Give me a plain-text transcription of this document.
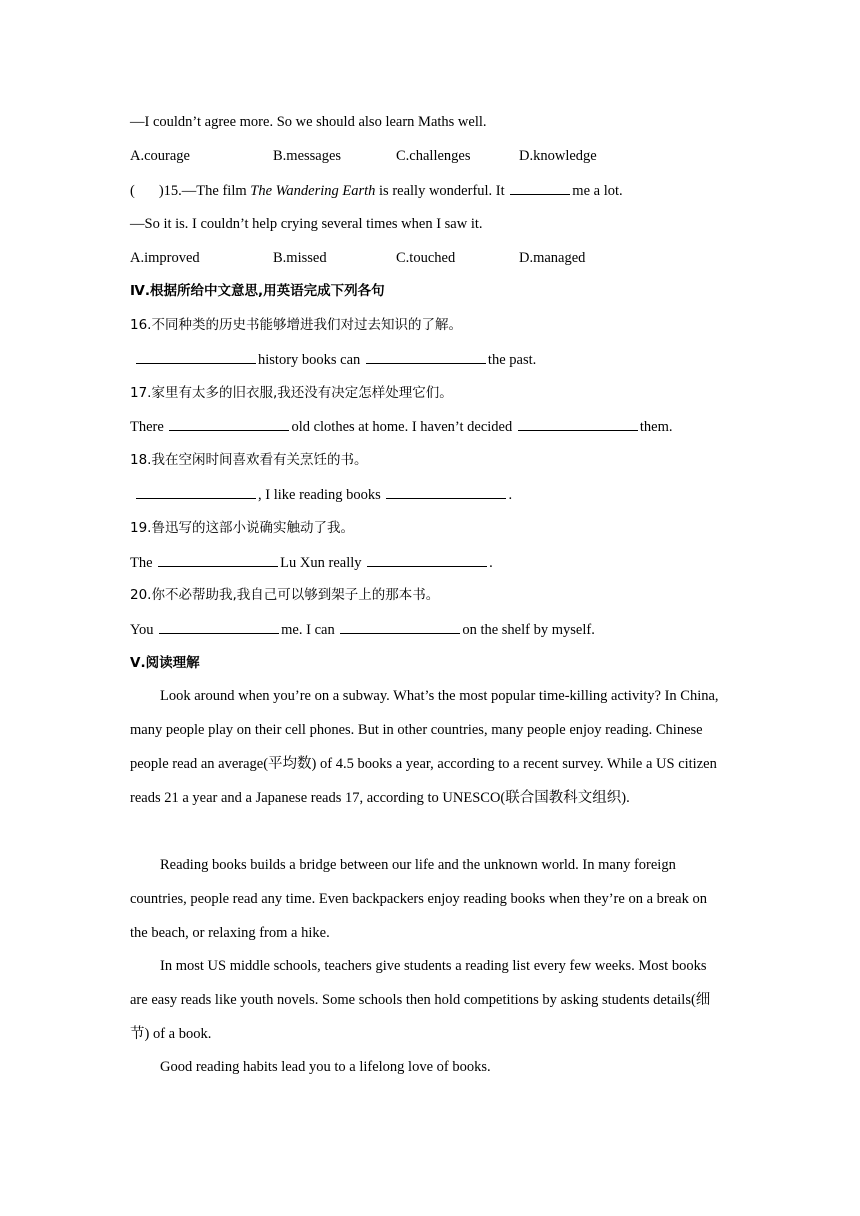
—I couldn’t agree more. So we should also learn Maths well.
A.courage	B.messages	C.challenges	D.knowledge
( )15.—The film The Wandering Earth is really wonderful. It	me a lot.
—So it is. I couldn’t help crying several times when I saw it.
A.improved	B.missed	C.touched	D.managed
Ⅳ.根据所给中文意思,用英语完成下列各句
16.不同种类的历史书能够增进我们对过去知识的了解。
history books can	the past.
17.家里有太多的旧衣服,我还没有决定怎样处理它们。
There	old clothes at home. I haven’t decided	them.
18.我在空闲时间喜欢看有关烹饪的书。
, I like reading books	.
19.鲁迅写的这部小说确实触动了我。
The	Lu Xun really	.
20.你不必帮助我,我自己可以够到架子上的那本书。
You	me. I can	on the shelf by myself.
Ⅴ.阅读理解
Look around when you’re on a subway. What’s the most popular time-killing activity? In China, many people play on their cell phones. But in other countries, many people enjoy reading. Chinese people read an average(平均数) of 4.5 books a year, according to a recent survey. While a US citizen reads 21 a year and a Japanese reads 17, according to UNESCO(联合国教科文组织).
Reading books builds a bridge between our life and the unknown world. In many foreign countries, people read any time. Even backpackers enjoy reading books when they’re on a break on the beach, or relaxing from a hike.
In most US middle schools, teachers give students a reading list every few weeks. Most books are easy reads like youth novels. Some schools then hold competitions by asking students details(细节) of a book.
Good reading habits lead you to a lifelong love of books.
